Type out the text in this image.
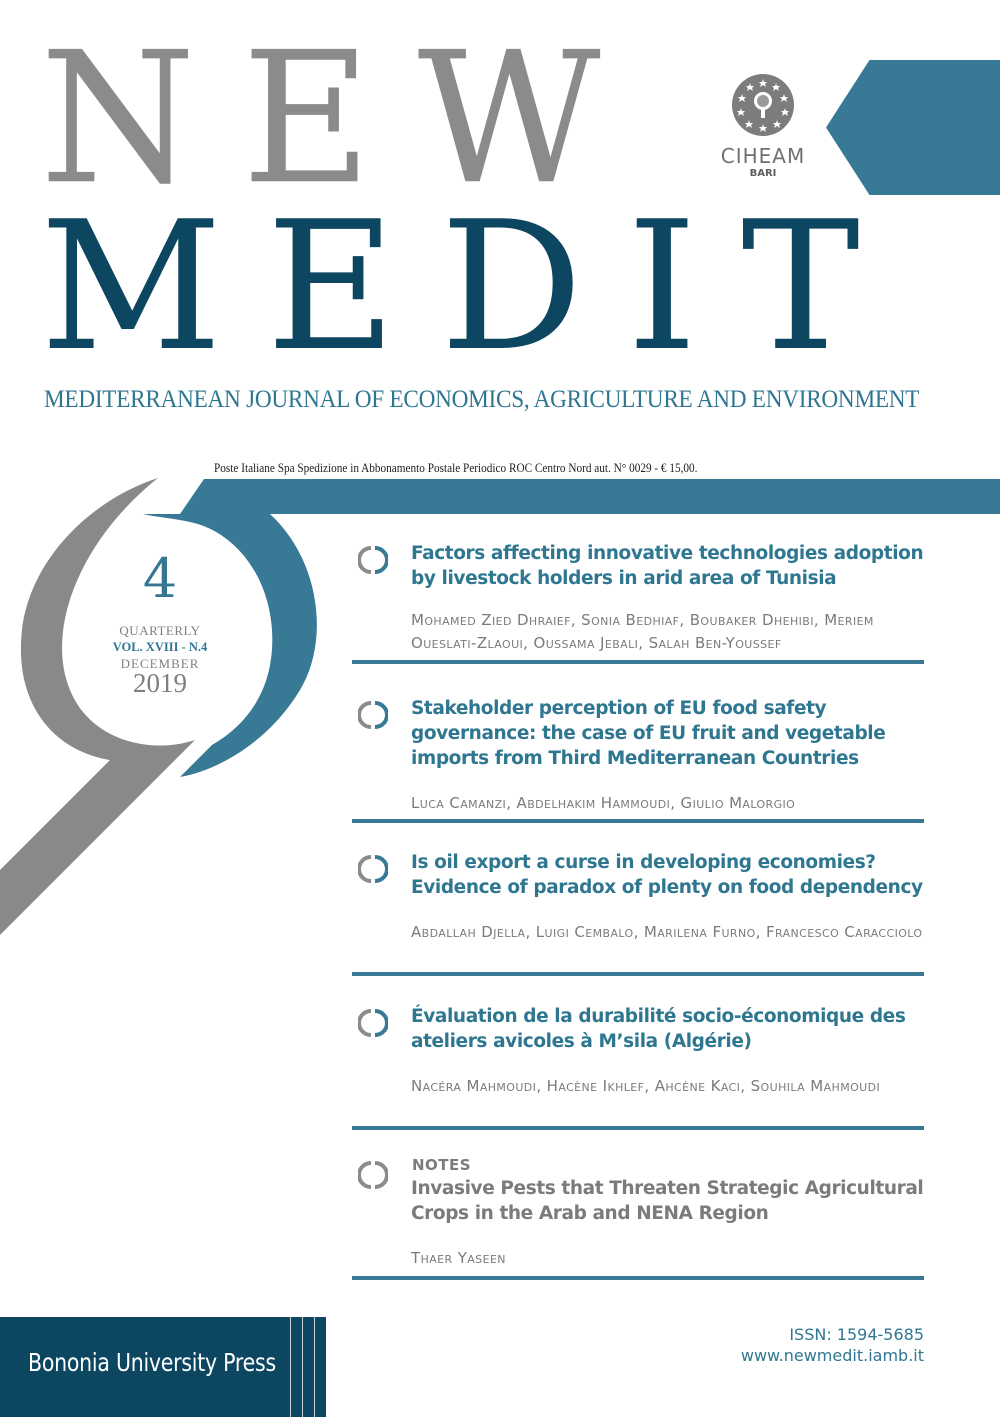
NEW
MEDIT
CIHEAM
BARI
MEDITERRANEAN JOURNAL OF ECONOMICS, AGRICULTURE AND ENVIRONMENT
Poste Italiane Spa Spedizione in Abbonamento Postale Periodico ROC Centro Nord aut. N° 0029 - € 15,00.
4
QUARTERLY
VOL. XVIII - N.4
DECEMBER
2019
Factors affecting innovative technologies adoption by livestock holders in arid area of Tunisia
Mohamed Zied Dhraief, Sonia Bedhiaf, Boubaker Dhehibi, Meriem Oueslati-Zlaoui, Oussama Jebali, Salah Ben-Youssef
Stakeholder perception of EU food safety governance: the case of EU fruit and vegetable imports from Third Mediterranean Countries
Luca Camanzi, Abdelhakim Hammoudi, Giulio Malorgio
Is oil export a curse in developing economies? Evidence of paradox of plenty on food dependency
Abdallah Djella, Luigi Cembalo, Marilena Furno, Francesco Caracciolo
Évaluation de la durabilité socio-économique des ateliers avicoles à M’sila (Algérie)
Nacéra Mahmoudi, Hacène Ikhlef, Ahcène Kaci, Souhila Mahmoudi
NOTES
Invasive Pests that Threaten Strategic Agricultural Crops in the Arab and NENA Region
Thaer Yaseen
Bononia University Press
ISSN: 1594-5685
www.newmedit.iamb.it
